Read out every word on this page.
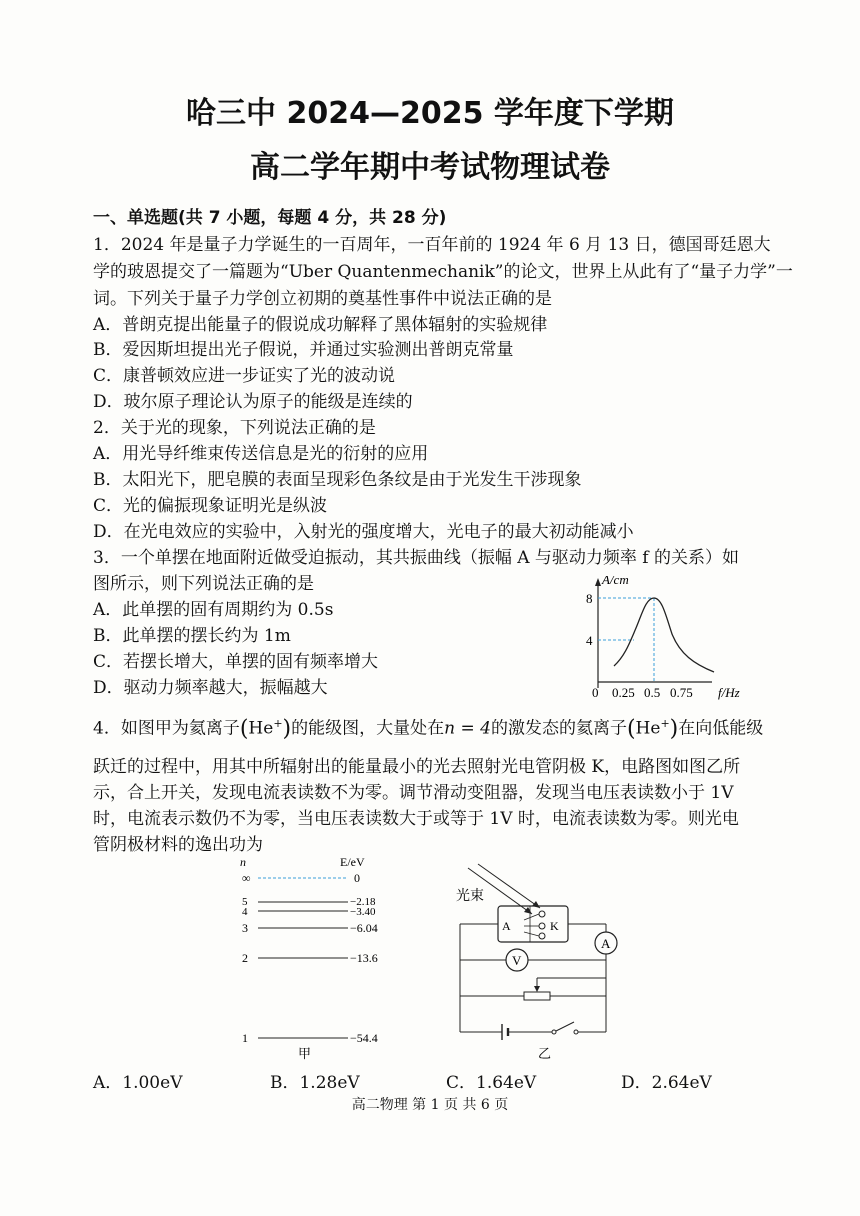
哈三中 2024—2025 学年度下学期
高二学年期中考试物理试卷
一、单选题(共 7 小题，每题 4 分，共 28 分)
1．2024 年是量子力学诞生的一百周年，一百年前的 1924 年 6 月 13 日，德国哥廷恩大
学的玻恩提交了一篇题为“Uber Quantenmechanik”的论文，世界上从此有了“量子力学”一
词。下列关于量子力学创立初期的奠基性事件中说法正确的是
A．普朗克提出能量子的假说成功解释了黑体辐射的实验规律
B．爱因斯坦提出光子假说，并通过实验测出普朗克常量
C．康普顿效应进一步证实了光的波动说
D．玻尔原子理论认为原子的能级是连续的
2．关于光的现象，下列说法正确的是
A．用光导纤维束传送信息是光的衍射的应用
B．太阳光下，肥皂膜的表面呈现彩色条纹是由于光发生干涉现象
C．光的偏振现象证明光是纵波
D．在光电效应的实验中，入射光的强度增大，光电子的最大初动能减小
3．一个单摆在地面附近做受迫振动，其共振曲线（振幅 A 与驱动力频率 f 的关系）如
图所示，则下列说法正确的是
A．此单摆的固有周期约为 0.5s
B．此单摆的摆长约为 1m
C．若摆长增大，单摆的固有频率增大
D．驱动力频率越大，振幅越大
A/cm
8
4
0 0.25 0.5 0.75 f/Hz
4．如图甲为氦离子(He+)的能级图，大量处在n = 4的激发态的氦离子(He+)在向低能级
跃迁的过程中，用其中所辐射出的能量最小的光去照射光电管阴极 K，电路图如图乙所
示，合上开关，发现电流表读数不为零。调节滑动变阻器，发现当电压表读数小于 1V
时，电流表示数仍不为零，当电压表读数大于或等于 1V 时，电流表读数为零。则光电
管阴极材料的逸出功为
n	E/eV
∞
5
4
3
2
1
0
−2.18
−3.40
−6.04
−13.6
−54.4
甲
光束
A	K
A
V
乙
A．1.00eV	B．1.28eV	C．1.64eV	D．2.64eV
高二物理 第 1 页 共 6 页
